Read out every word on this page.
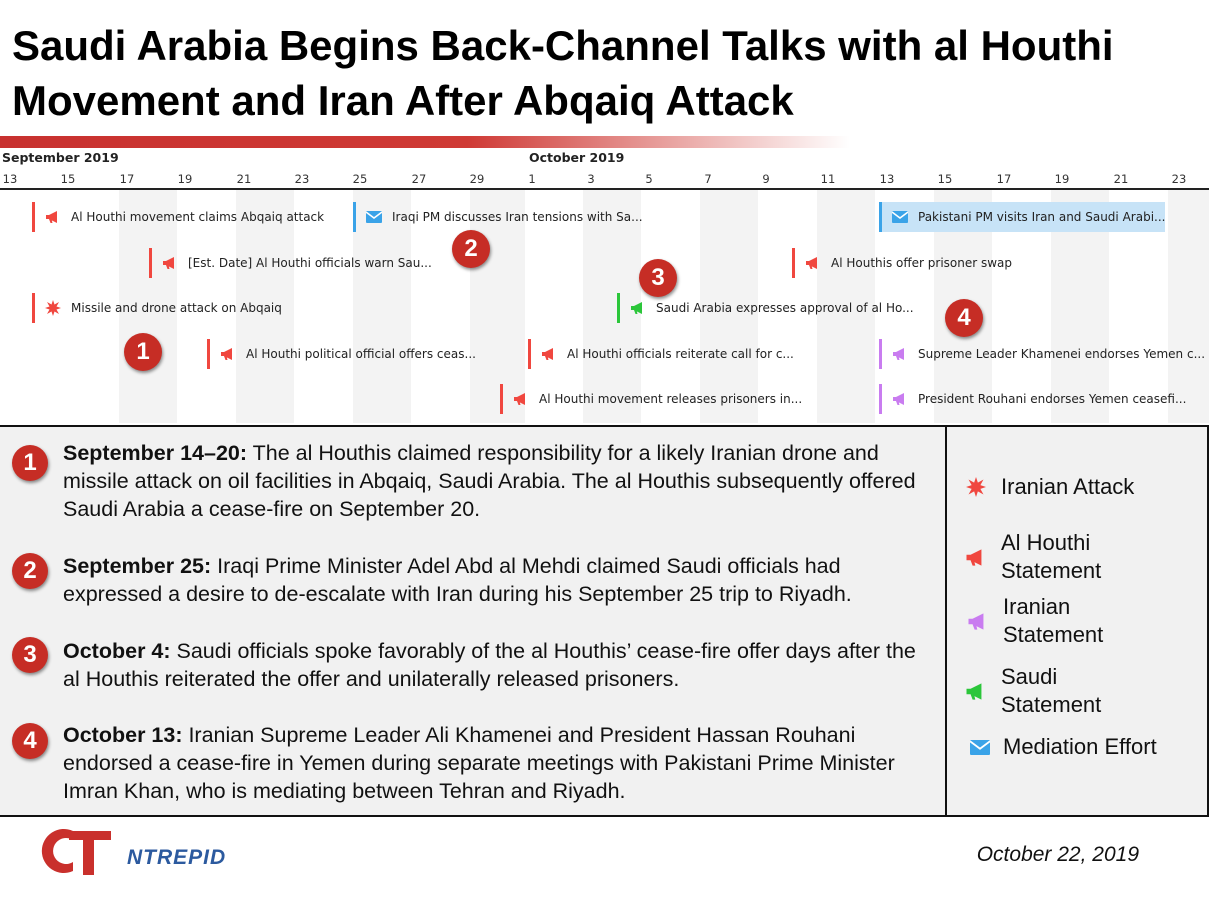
Saudi Arabia Begins Back-Channel Talks with al Houthi Movement and Iran After Abqaiq Attack
September 2019	October 2019
13	15	17	19	21	23	25	27	29	1	3	5	7	9	11	13	15	17	19	21	23
Al Houthi movement claims Abqaiq attack	Iraqi PM discusses Iran tensions with Sa...	Pakistani PM visits Iran and Saudi Arabi...
[Est. Date] Al Houthi officials warn Sau...	Al Houthis offer prisoner swap
Missile and drone attack on Abqaiq	Saudi Arabia expresses approval of al Ho...
Al Houthi political official offers ceas...	Al Houthi officials reiterate call for c...	Supreme Leader Khamenei endorses Yemen c...
Al Houthi movement releases prisoners in...	President Rouhani endorses Yemen ceasefi...
1
2
3
4
1	September 14–20: The al Houthis claimed responsibility for a likely Iranian drone and missile attack on oil facilities in Abqaiq, Saudi Arabia. The al Houthis subsequently offered Saudi Arabia a cease-fire on September 20.
2	September 25: Iraqi Prime Minister Adel Abd al Mehdi claimed Saudi officials had expressed a desire to de-escalate with Iran during his September 25 trip to Riyadh.
3	October 4: Saudi officials spoke favorably of the al Houthis’ cease-fire offer days after the al Houthis reiterated the offer and unilaterally released prisoners.
4	October 13: Iranian Supreme Leader Ali Khamenei and President Hassan Rouhani endorsed a cease-fire in Yemen during separate meetings with Pakistani Prime Minister Imran Khan, who is mediating between Tehran and Riyadh.
Iranian Attack
Al Houthi
Statement
Iranian
Statement
Saudi
Statement
Mediation Effort
NTREPID	October 22, 2019
